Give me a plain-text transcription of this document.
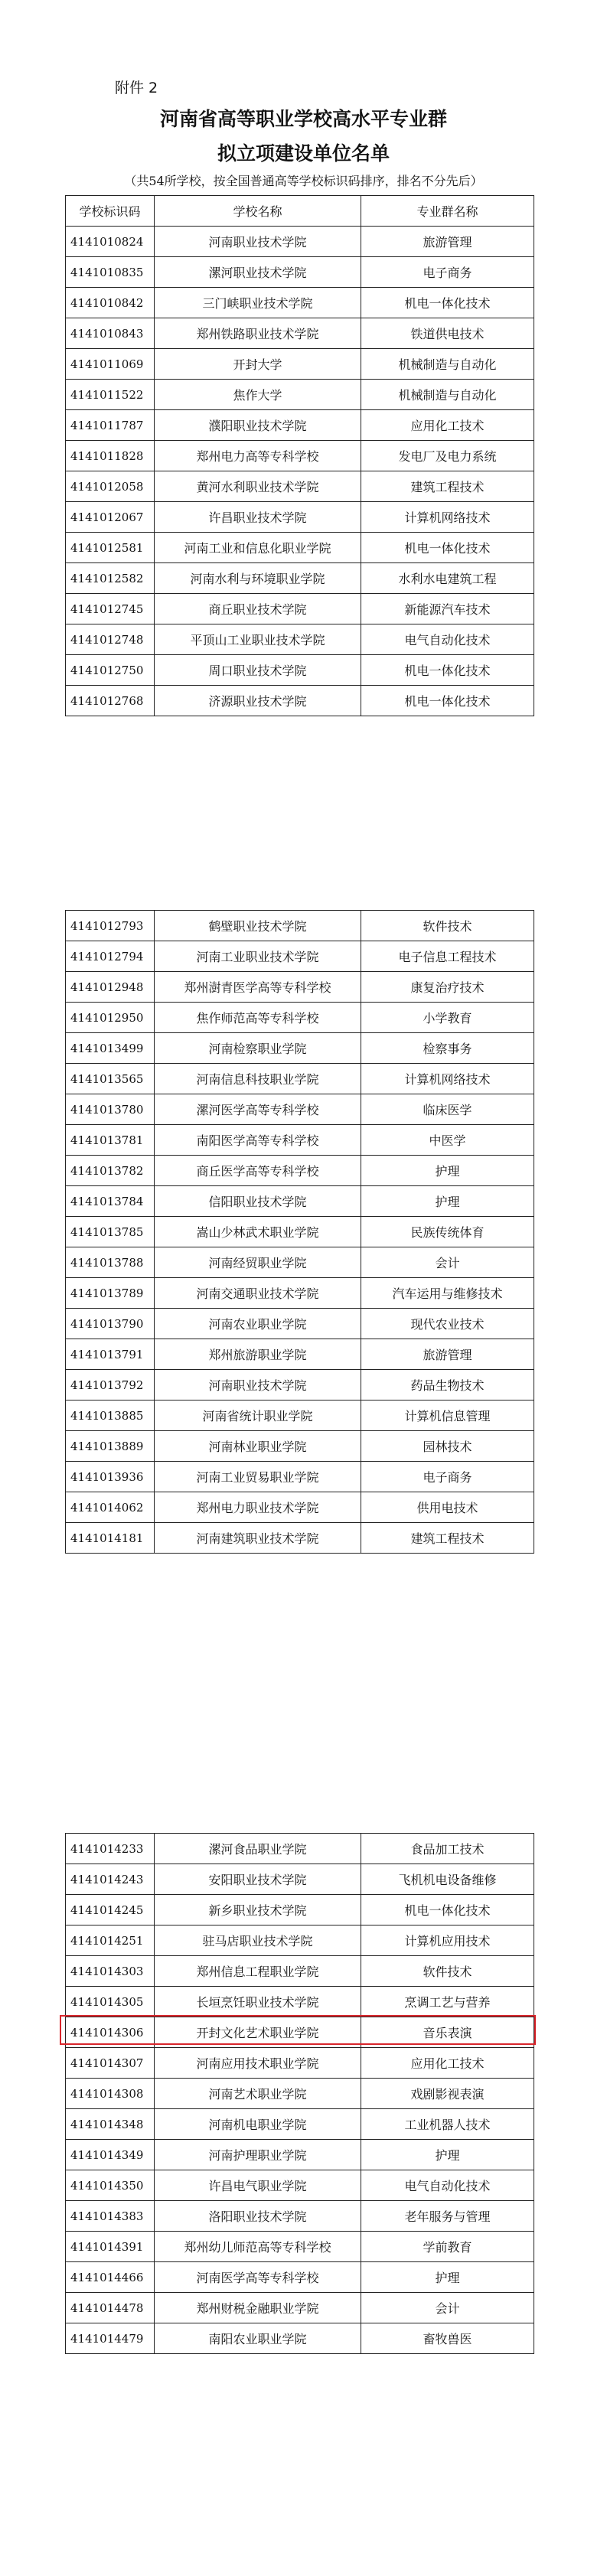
附件 2
河南省高等职业学校高水平专业群
拟立项建设单位名单
（共54所学校，按全国普通高等学校标识码排序，排名不分先后）
学校标识码	学校名称	专业群名称
4141010824	河南职业技术学院	旅游管理
4141010835	漯河职业技术学院	电子商务
4141010842	三门峡职业技术学院	机电一体化技术
4141010843	郑州铁路职业技术学院	铁道供电技术
4141011069	开封大学	机械制造与自动化
4141011522	焦作大学	机械制造与自动化
4141011787	濮阳职业技术学院	应用化工技术
4141011828	郑州电力高等专科学校	发电厂及电力系统
4141012058	黄河水利职业技术学院	建筑工程技术
4141012067	许昌职业技术学院	计算机网络技术
4141012581	河南工业和信息化职业学院	机电一体化技术
4141012582	河南水利与环境职业学院	水利水电建筑工程
4141012745	商丘职业技术学院	新能源汽车技术
4141012748	平顶山工业职业技术学院	电气自动化技术
4141012750	周口职业技术学院	机电一体化技术
4141012768	济源职业技术学院	机电一体化技术
4141012793	鹤壁职业技术学院	软件技术
4141012794	河南工业职业技术学院	电子信息工程技术
4141012948	郑州澍青医学高等专科学校	康复治疗技术
4141012950	焦作师范高等专科学校	小学教育
4141013499	河南检察职业学院	检察事务
4141013565	河南信息科技职业学院	计算机网络技术
4141013780	漯河医学高等专科学校	临床医学
4141013781	南阳医学高等专科学校	中医学
4141013782	商丘医学高等专科学校	护理
4141013784	信阳职业技术学院	护理
4141013785	嵩山少林武术职业学院	民族传统体育
4141013788	河南经贸职业学院	会计
4141013789	河南交通职业技术学院	汽车运用与维修技术
4141013790	河南农业职业学院	现代农业技术
4141013791	郑州旅游职业学院	旅游管理
4141013792	河南职业技术学院	药品生物技术
4141013885	河南省统计职业学院	计算机信息管理
4141013889	河南林业职业学院	园林技术
4141013936	河南工业贸易职业学院	电子商务
4141014062	郑州电力职业技术学院	供用电技术
4141014181	河南建筑职业技术学院	建筑工程技术
4141014233	漯河食品职业学院	食品加工技术
4141014243	安阳职业技术学院	飞机机电设备维修
4141014245	新乡职业技术学院	机电一体化技术
4141014251	驻马店职业技术学院	计算机应用技术
4141014303	郑州信息工程职业学院	软件技术
4141014305	长垣烹饪职业技术学院	烹调工艺与营养
4141014306	开封文化艺术职业学院	音乐表演
4141014307	河南应用技术职业学院	应用化工技术
4141014308	河南艺术职业学院	戏剧影视表演
4141014348	河南机电职业学院	工业机器人技术
4141014349	河南护理职业学院	护理
4141014350	许昌电气职业学院	电气自动化技术
4141014383	洛阳职业技术学院	老年服务与管理
4141014391	郑州幼儿师范高等专科学校	学前教育
4141014466	河南医学高等专科学校	护理
4141014478	郑州财税金融职业学院	会计
4141014479	南阳农业职业学院	畜牧兽医
